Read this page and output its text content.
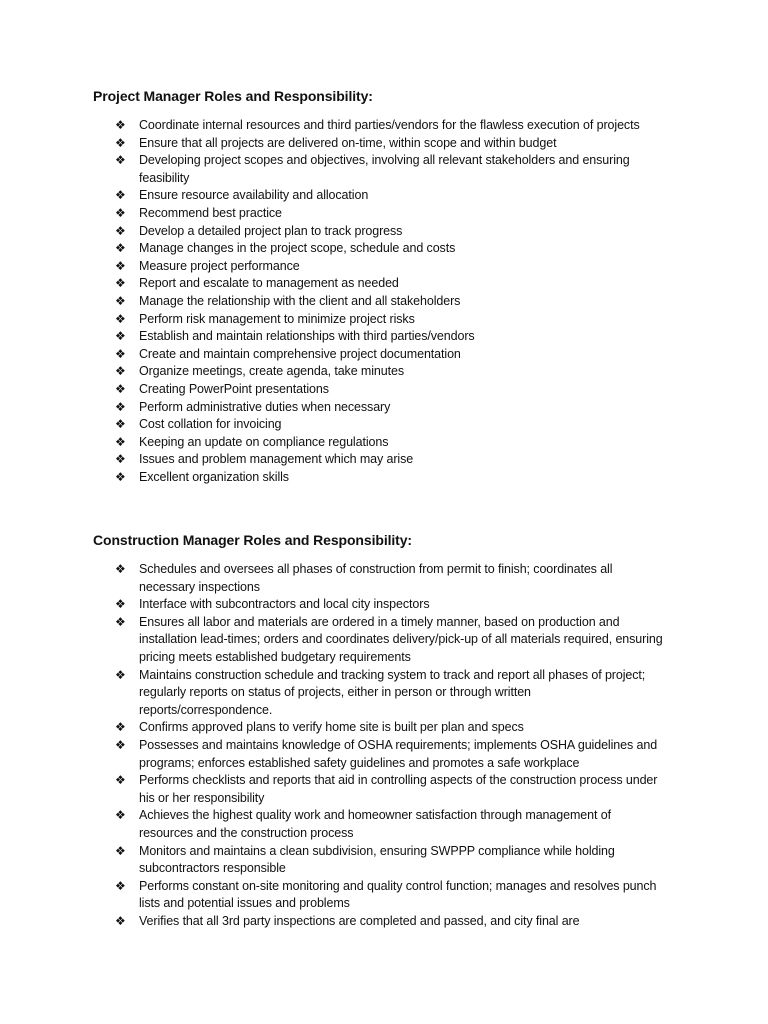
Project Manager Roles and Responsibility:
❖ Coordinate internal resources and third parties/vendors for the flawless execution of projects
❖ Ensure that all projects are delivered on-time, within scope and within budget
❖ Developing project scopes and objectives, involving all relevant stakeholders and ensuring feasibility
❖ Ensure resource availability and allocation
❖ Recommend best practice
❖ Develop a detailed project plan to track progress
❖ Manage changes in the project scope, schedule and costs
❖ Measure project performance
❖ Report and escalate to management as needed
❖ Manage the relationship with the client and all stakeholders
❖ Perform risk management to minimize project risks
❖ Establish and maintain relationships with third parties/vendors
❖ Create and maintain comprehensive project documentation
❖ Organize meetings, create agenda, take minutes
❖ Creating PowerPoint presentations
❖ Perform administrative duties when necessary
❖ Cost collation for invoicing
❖ Keeping an update on compliance regulations
❖ Issues and problem management which may arise
❖ Excellent organization skills
Construction Manager Roles and Responsibility:
❖ Schedules and oversees all phases of construction from permit to finish; coordinates all necessary inspections
❖ Interface with subcontractors and local city inspectors
❖ Ensures all labor and materials are ordered in a timely manner, based on production and installation lead-times; orders and coordinates delivery/pick-up of all materials required, ensuring pricing meets established budgetary requirements
❖ Maintains construction schedule and tracking system to track and report all phases of project; regularly reports on status of projects, either in person or through written reports/correspondence.
❖ Confirms approved plans to verify home site is built per plan and specs
❖ Possesses and maintains knowledge of OSHA requirements; implements OSHA guidelines and programs; enforces established safety guidelines and promotes a safe workplace
❖ Performs checklists and reports that aid in controlling aspects of the construction process under his or her responsibility
❖ Achieves the highest quality work and homeowner satisfaction through management of resources and the construction process
❖ Monitors and maintains a clean subdivision, ensuring SWPPP compliance while holding subcontractors responsible
❖ Performs constant on-site monitoring and quality control function; manages and resolves punch lists and potential issues and problems
❖ Verifies that all 3rd party inspections are completed and passed, and city final are
